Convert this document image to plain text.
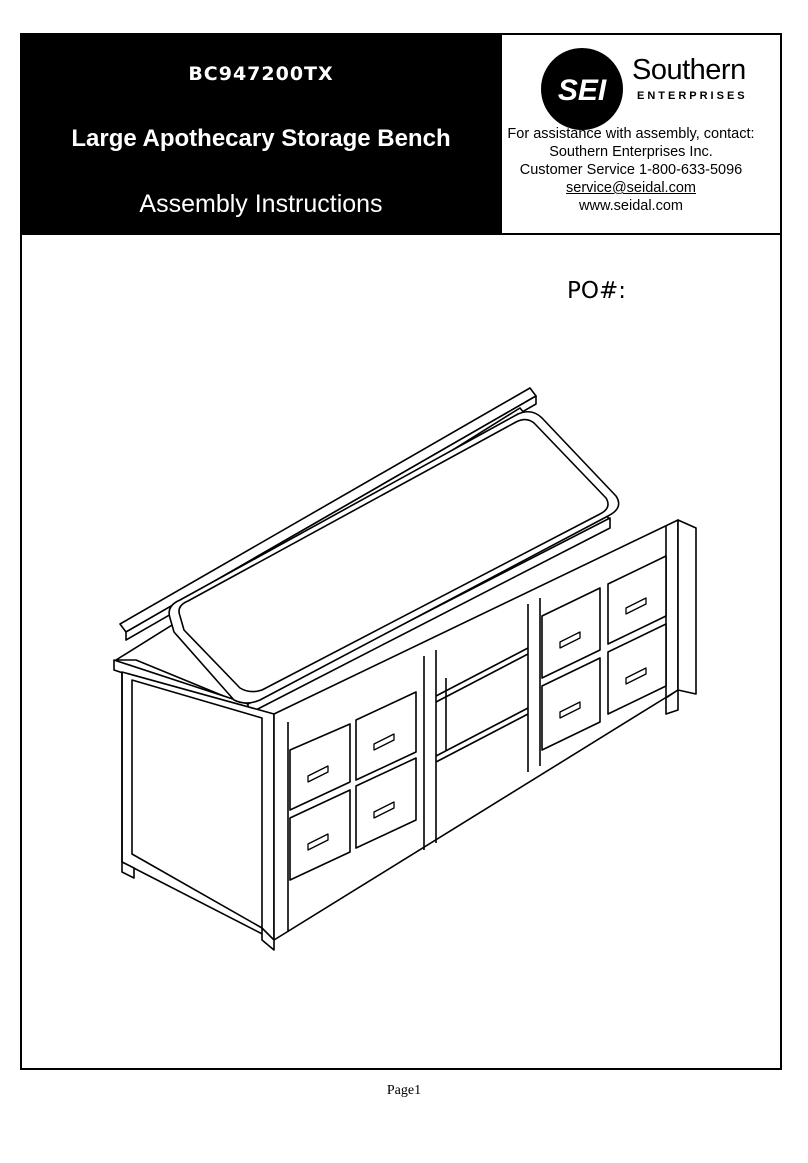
BC947200TX
Large Apothecary Storage Bench
Assembly Instructions
SEI
Southern
ENTERPRISES
For assistance with assembly, contact:
Southern Enterprises Inc.
Customer Service 1-800-633-5096
service@seidal.com
www.seidal.com
PO#:
Page1
